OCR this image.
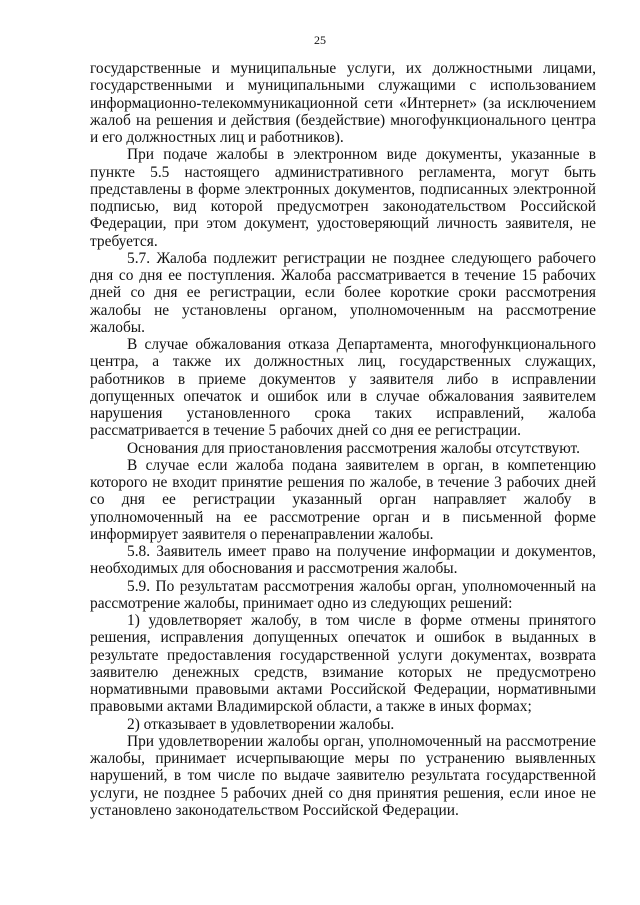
25

государственные и муниципальные услуги, их должностными лицами, государственными и муниципальными служащими с использованием информационно-телекоммуникационной сети «Интернет» (за исключением жалоб на решения и действия (бездействие) многофункционального центра и его должностных лиц и работников).

При подаче жалобы в электронном виде документы, указанные в пункте 5.5 настоящего административного регламента, могут быть представлены в форме электронных документов, подписанных электронной подписью, вид которой предусмотрен законодательством Российской Федерации, при этом документ, удостоверяющий личность заявителя, не требуется.

5.7. Жалоба подлежит регистрации не позднее следующего рабочего дня со дня ее поступления. Жалоба рассматривается в течение 15 рабочих дней со дня ее регистрации, если более короткие сроки рассмотрения жалобы не установлены органом, уполномоченным на рассмотрение жалобы.

В случае обжалования отказа Департамента, многофункционального центра, а также их должностных лиц, государственных служащих, работников в приеме документов у заявителя либо в исправлении допущенных опечаток и ошибок или в случае обжалования заявителем нарушения установленного срока таких исправлений, жалоба рассматривается в течение 5 рабочих дней со дня ее регистрации.

Основания для приостановления рассмотрения жалобы отсутствуют.

В случае если жалоба подана заявителем в орган, в компетенцию которого не входит принятие решения по жалобе, в течение 3 рабочих дней со дня ее регистрации указанный орган направляет жалобу в уполномоченный на ее рассмотрение орган и в письменной форме информирует заявителя о перенаправлении жалобы.

5.8. Заявитель имеет право на получение информации и документов, необходимых для обоснования и рассмотрения жалобы.

5.9. По результатам рассмотрения жалобы орган, уполномоченный на рассмотрение жалобы, принимает одно из следующих решений:

1) удовлетворяет жалобу, в том числе в форме отмены принятого решения, исправления допущенных опечаток и ошибок в выданных в результате предоставления государственной услуги документах, возврата заявителю денежных средств, взимание которых не предусмотрено нормативными правовыми актами Российской Федерации, нормативными правовыми актами Владимирской области, а также в иных формах;

2) отказывает в удовлетворении жалобы.

При удовлетворении жалобы орган, уполномоченный на рассмотрение жалобы, принимает исчерпывающие меры по устранению выявленных нарушений, в том числе по выдаче заявителю результата государственной услуги, не позднее 5 рабочих дней со дня принятия решения, если иное не установлено законодательством Российской Федерации.
